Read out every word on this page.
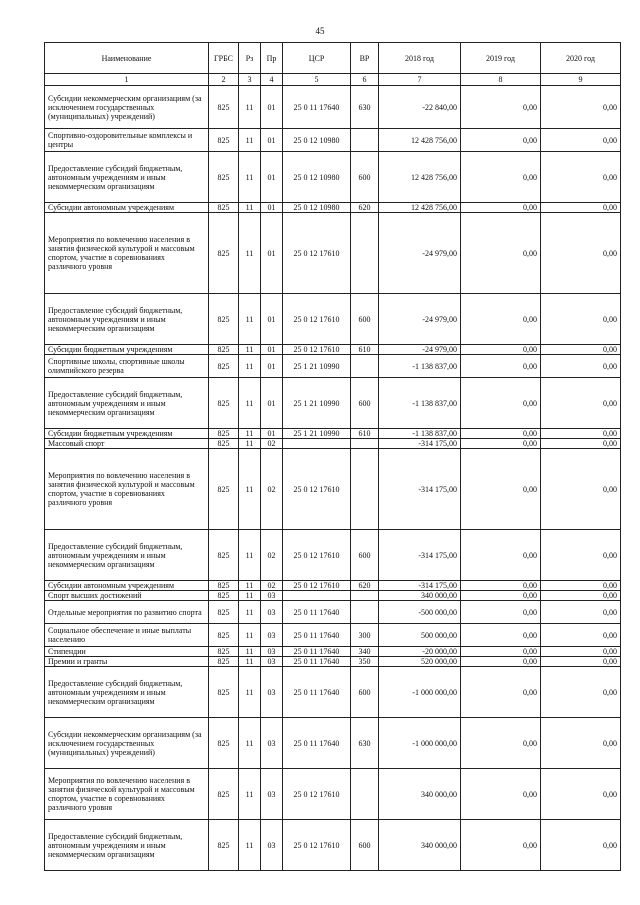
45
Наименование	ГРБС	Рз	Пр	ЦСР	ВР	2018 год	2019 год	2020 год
1	2	3	4	5	6	7	8	9
Субсидии некоммерческим организациям (за исключением государственных (муниципальных) учреждений)	825	11	01	25 0 11 17640	630	-22 840,00	0,00	0,00
Спортивно-оздоровительные комплексы и центры	825	11	01	25 0 12 10980		12 428 756,00	0,00	0,00
Предоставление субсидий бюджетным, автономным учреждениям и иным некоммерческим организациям	825	11	01	25 0 12 10980	600	12 428 756,00	0,00	0,00
Субсидии автономным учреждениям	825	11	01	25 0 12 10980	620	12 428 756,00	0,00	0,00
Мероприятия по вовлечению населения в занятия физической культурой и массовым спортом, участие в соревнованиях различного уровня	825	11	01	25 0 12 17610		-24 979,00	0,00	0,00
Предоставление субсидий бюджетным, автономным учреждениям и иным некоммерческим организациям	825	11	01	25 0 12 17610	600	-24 979,00	0,00	0,00
Субсидии бюджетным учреждениям	825	11	01	25 0 12 17610	610	-24 979,00	0,00	0,00
Спортивные школы, спортивные школы олимпийского резерва	825	11	01	25 1 21 10990		-1 138 837,00	0,00	0,00
Предоставление субсидий бюджетным, автономным учреждениям и иным некоммерческим организациям	825	11	01	25 1 21 10990	600	-1 138 837,00	0,00	0,00
Субсидии бюджетным учреждениям	825	11	01	25 1 21 10990	610	-1 138 837,00	0,00	0,00
Массовый спорт	825	11	02			-314 175,00	0,00	0,00
Мероприятия по вовлечению населения в занятия физической культурой и массовым спортом, участие в соревнованиях различного уровня	825	11	02	25 0 12 17610		-314 175,00	0,00	0,00
Предоставление субсидий бюджетным, автономным учреждениям и иным некоммерческим организациям	825	11	02	25 0 12 17610	600	-314 175,00	0,00	0,00
Субсидии автономным учреждениям	825	11	02	25 0 12 17610	620	-314 175,00	0,00	0,00
Спорт высших достижений	825	11	03			340 000,00	0,00	0,00
Отдельные мероприятия по развитию спорта	825	11	03	25 0 11 17640		-500 000,00	0,00	0,00
Социальное обеспечение и иные выплаты населению	825	11	03	25 0 11 17640	300	500 000,00	0,00	0,00
Стипендии	825	11	03	25 0 11 17640	340	-20 000,00	0,00	0,00
Премии и гранты	825	11	03	25 0 11 17640	350	520 000,00	0,00	0,00
Предоставление субсидий бюджетным, автономным учреждениям и иным некоммерческим организациям	825	11	03	25 0 11 17640	600	-1 000 000,00	0,00	0,00
Субсидии некоммерческим организациям (за исключением государственных (муниципальных) учреждений)	825	11	03	25 0 11 17640	630	-1 000 000,00	0,00	0,00
Мероприятия по вовлечению населения в занятия физической культурой и массовым спортом, участие в соревнованиях различного уровня	825	11	03	25 0 12 17610		340 000,00	0,00	0,00
Предоставление субсидий бюджетным, автономным учреждениям и иным некоммерческим организациям	825	11	03	25 0 12 17610	600	340 000,00	0,00	0,00
